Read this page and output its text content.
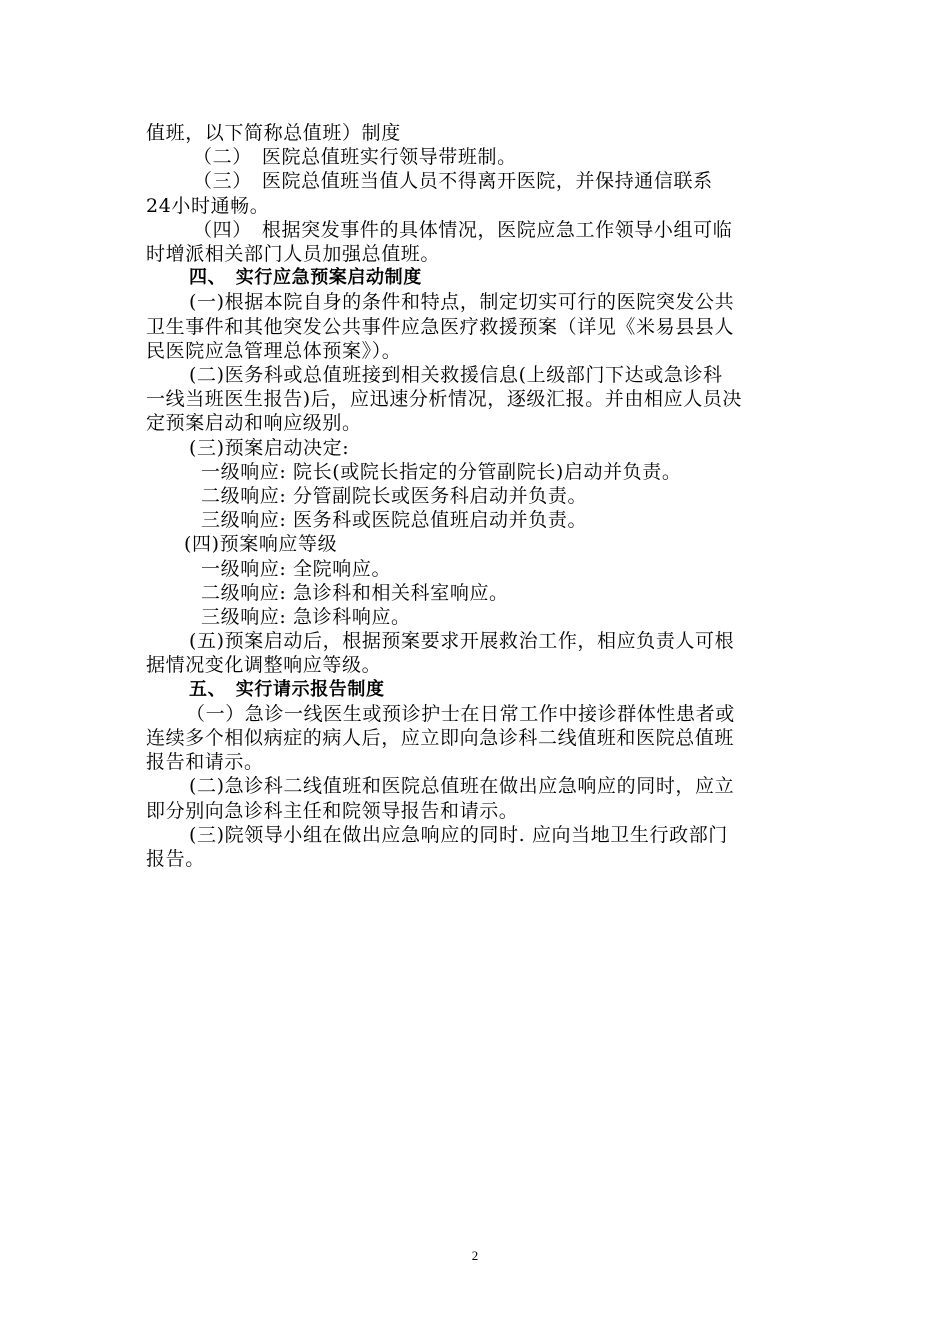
值班，以下简称总值班）制度
（二）　医院总值班实行领导带班制。
（三）　医院总值班当值人员不得离开医院，并保持通信联系
24小时通畅。
（四）　根据突发事件的具体情况，医院应急工作领导小组可临
时增派相关部门人员加强总值班。
四、　实行应急预案启动制度
(一)根据本院自身的条件和特点，制定切实可行的医院突发公共
卫生事件和其他突发公共事件应急医疗救援预案（详见《米易县县人
民医院应急管理总体预案》）。
(二)医务科或总值班接到相关救援信息(上级部门下达或急诊科
一线当班医生报告)后，应迅速分析情况，逐级汇报。并由相应人员决
定预案启动和响应级别。
(三)预案启动决定:
一级响应: 院长(或院长指定的分管副院长)启动并负责。
二级响应: 分管副院长或医务科启动并负责。
三级响应: 医务科或医院总值班启动并负责。
(四)预案响应等级
一级响应: 全院响应。
二级响应: 急诊科和相关科室响应。
三级响应: 急诊科响应。
(五)预案启动后，根据预案要求开展救治工作，相应负责人可根
据情况变化调整响应等级。
五、　实行请示报告制度
（一）急诊一线医生或预诊护士在日常工作中接诊群体性患者或
连续多个相似病症的病人后，应立即向急诊科二线值班和医院总值班
报告和请示。
(二)急诊科二线值班和医院总值班在做出应急响应的同时，应立
即分别向急诊科主任和院领导报告和请示。
(三)院领导小组在做出应急响应的同时. 应向当地卫生行政部门
报告。
2
